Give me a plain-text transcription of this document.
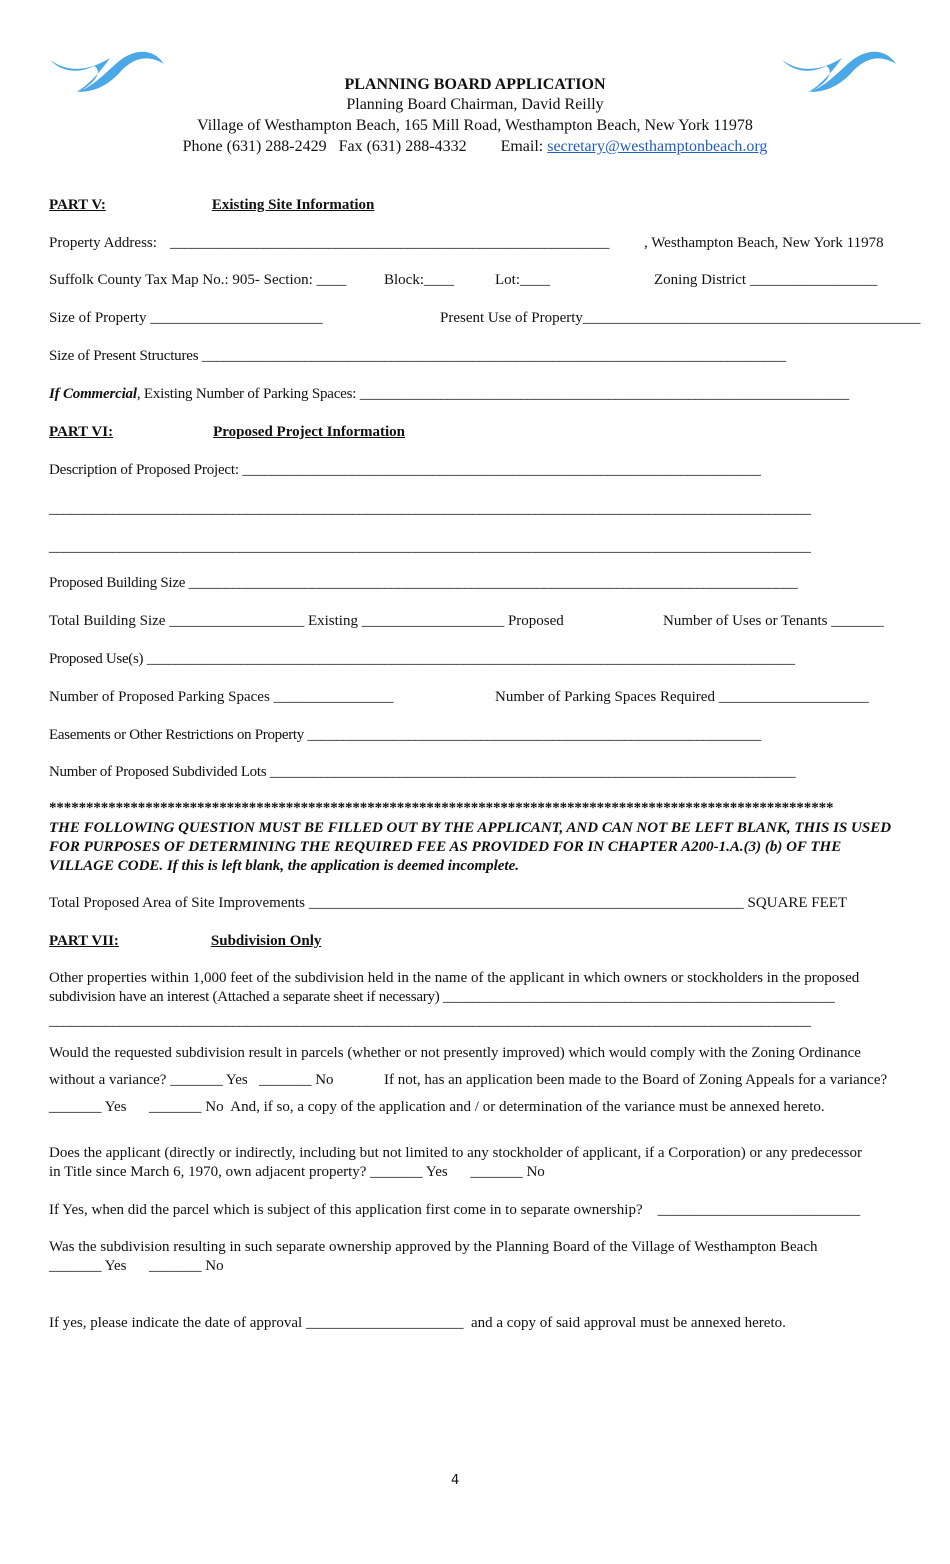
PLANNING BOARD APPLICATION
Planning Board Chairman, David Reilly
Village of Westhampton Beach, 165 Mill Road, Westhampton Beach, New York 11978
Phone (631) 288-2429   Fax (631) 288-4332 Email: secretary@westhamptonbeach.org
PART V:	Existing Site Information
Property Address: _____________________________________________________________ , Westhampton Beach, New York 11978
Suffolk County Tax Map No.: 905- Section: ____ Block:____	Lot:____	Zoning District _________________
Size of Property _______________________	Present Use of Property_____________________________________________
Size of Present Structures ________________________________________________________________________________
If Commercial, Existing Number of Parking Spaces: ___________________________________________________________________
PART VI:	Proposed Project Information
Description of Proposed Project: _______________________________________________________________________
____________________________________________________________________________________________________________
____________________________________________________________________________________________________________
Proposed Building Size ____________________________________________________________________________________
Total Building Size __________________ Existing ___________________ Proposed	Number of Uses or Tenants _______
Proposed Use(s) __________________________________________________________________________________________
Number of Proposed Parking Spaces ________________	Number of Parking Spaces Required ____________________
Easements or Other Restrictions on Property _______________________________________________________________
Number of Proposed Subdivided Lots _________________________________________________________________________
**********************************************************************************************************
THE FOLLOWING QUESTION MUST BE FILLED OUT BY THE APPLICANT, AND CAN NOT BE LEFT BLANK, THIS IS USED FOR PURPOSES OF DETERMINING THE REQUIRED FEE AS PROVIDED FOR IN CHAPTER A200-1.A.(3) (b) OF THE VILLAGE CODE. If this is left blank, the application is deemed incomplete.
Total Proposed Area of Site Improvements __________________________________________________________ SQUARE FEET
PART VII:	Subdivision Only
Other properties within 1,000 feet of the subdivision held in the name of the applicant in which owners or stockholders in the proposed
subdivision have an interest (Attached a separate sheet if necessary) ______________________________________________________
____________________________________________________________________________________________________________
Would the requested subdivision result in parcels (whether or not presently improved) which would comply with the Zoning Ordinance
without a variance? _______ Yes   _______ No	If not, has an application been made to the Board of Zoning Appeals for a variance?
_______ Yes      _______ No  And, if so, a copy of the application and / or determination of the variance must be annexed hereto.
Does the applicant (directly or indirectly, including but not limited to any stockholder of applicant, if a Corporation) or any predecessor
in Title since March 6, 1970, own adjacent property? _______ Yes      _______ No
If Yes, when did the parcel which is subject of this application first come in to separate ownership?    ___________________________
Was the subdivision resulting in such separate ownership approved by the Planning Board of the Village of Westhampton Beach
_______ Yes      _______ No
If yes, please indicate the date of approval _____________________  and a copy of said approval must be annexed hereto.
4
